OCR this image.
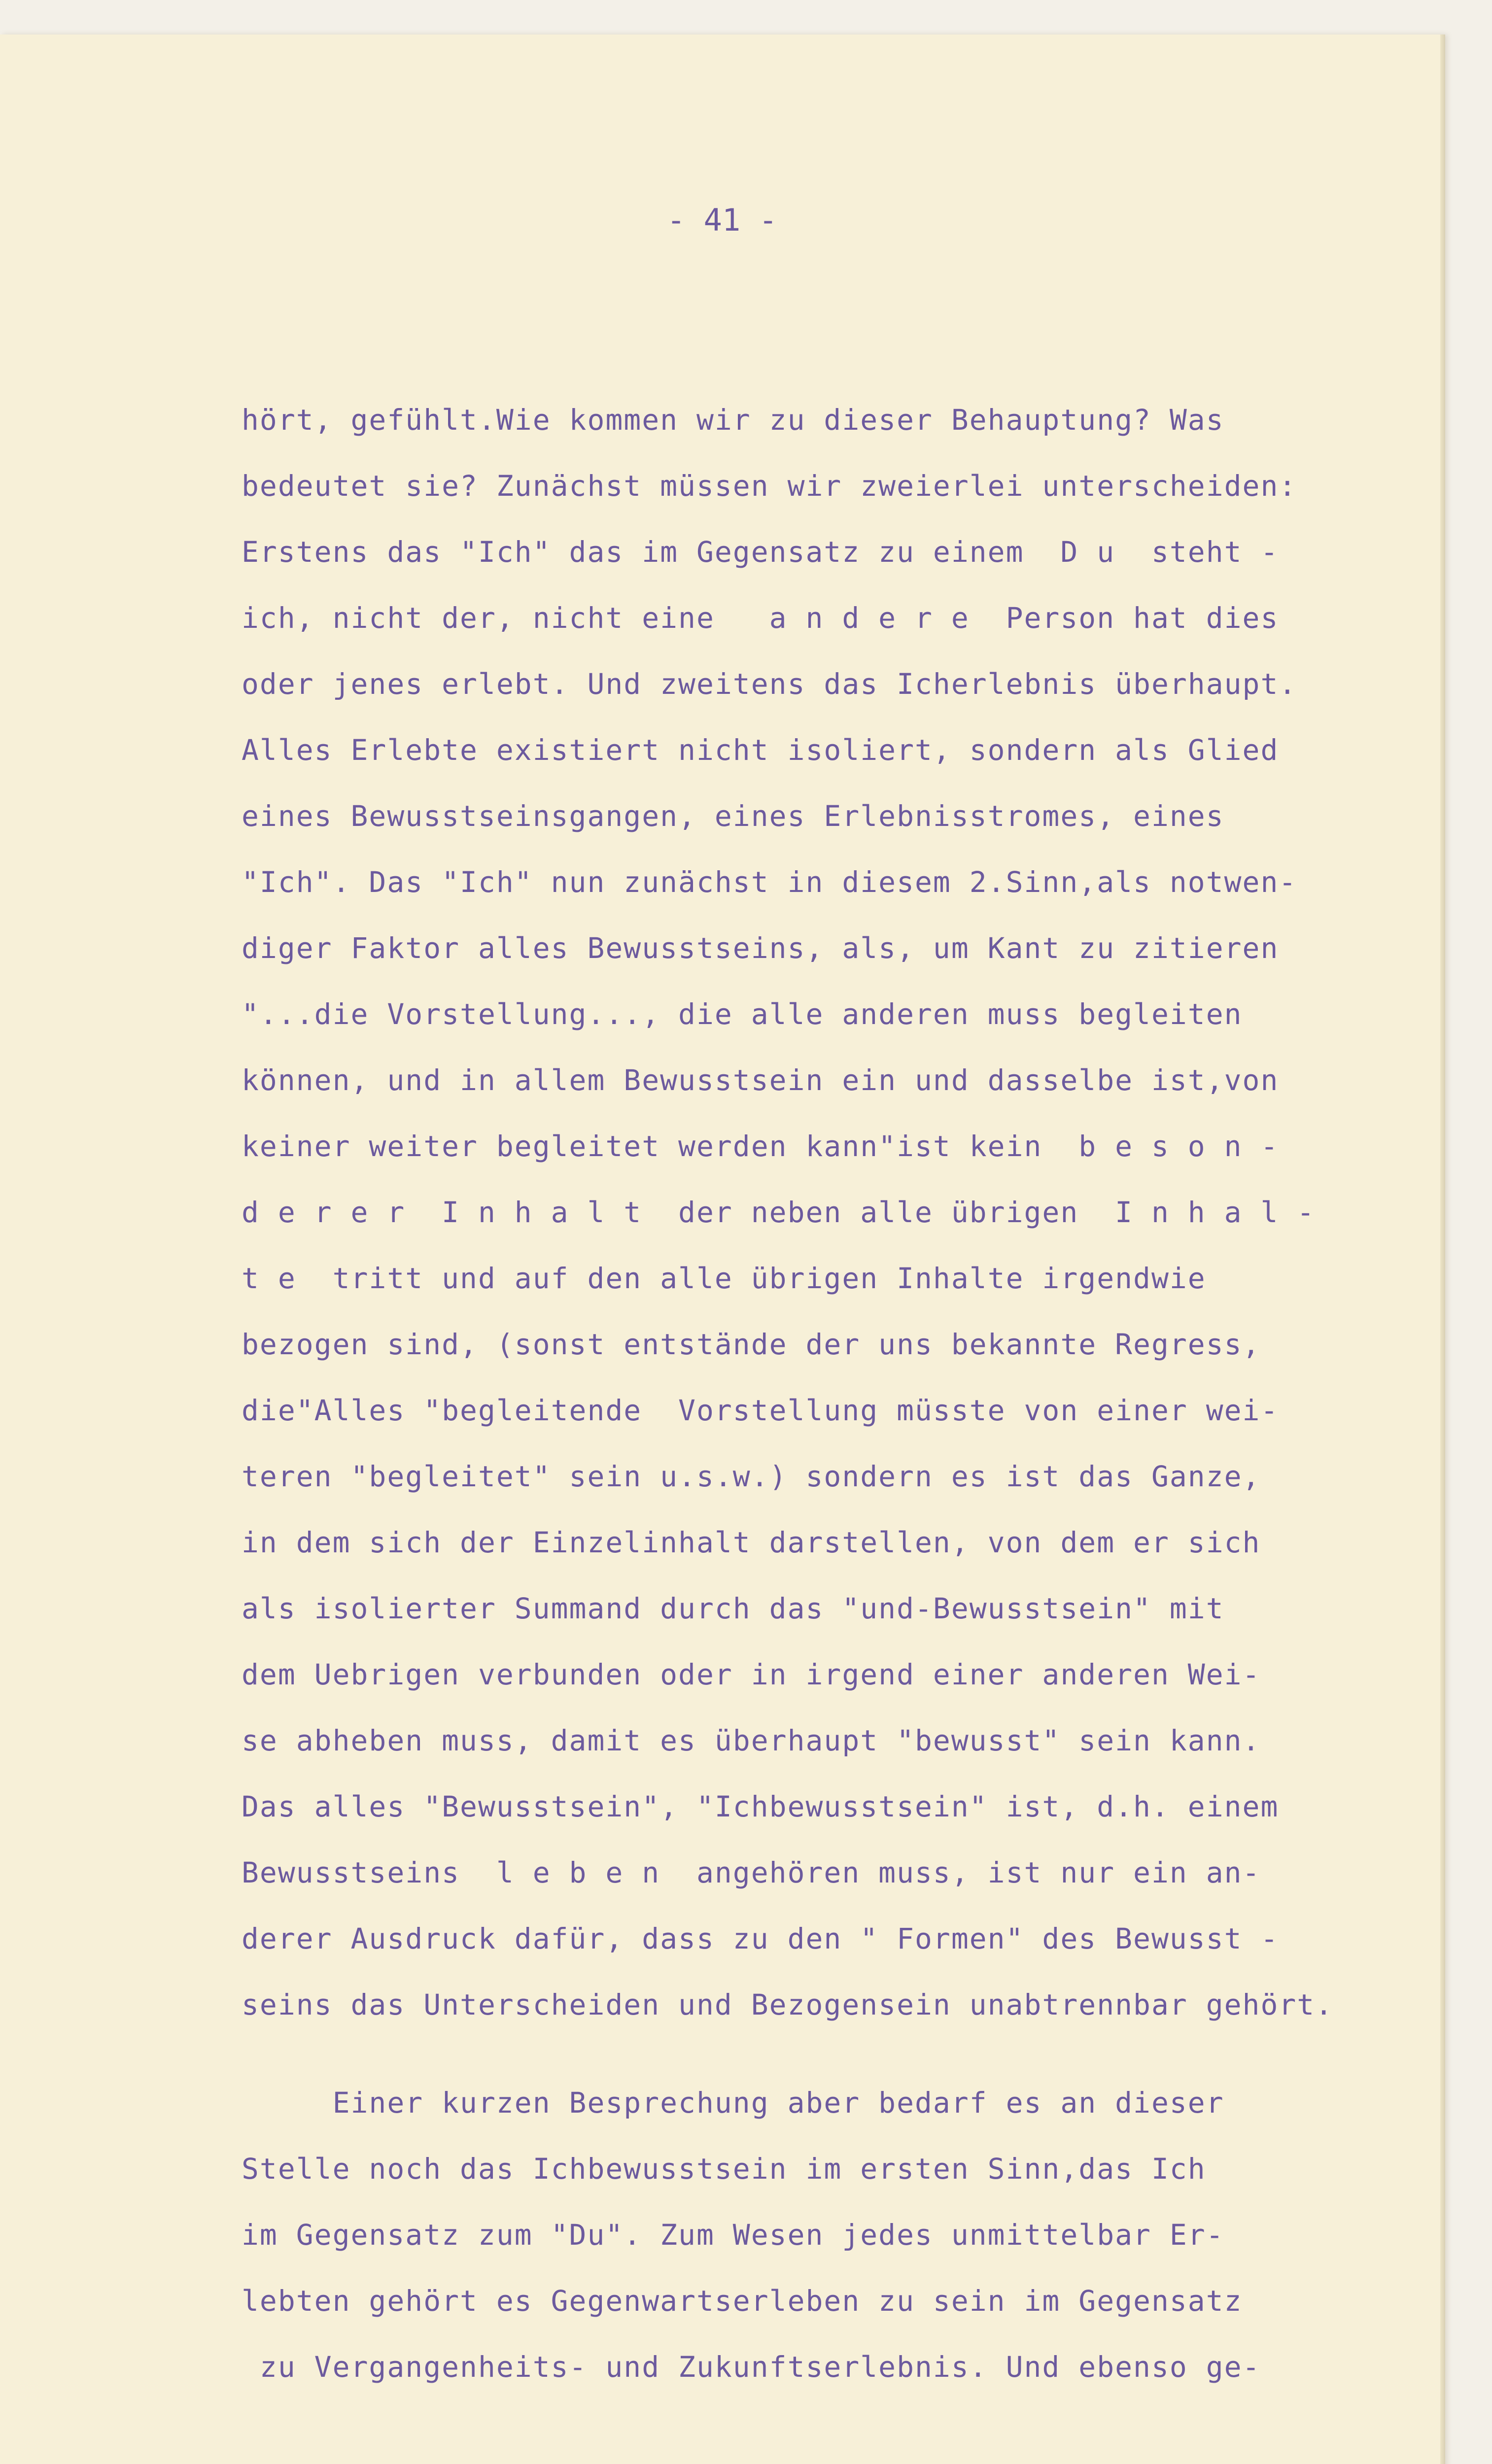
- 41 -
hört, gefühlt.Wie kommen wir zu dieser Behauptung? Was
bedeutet sie? Zunächst müssen wir zweierlei unterscheiden:
Erstens das "Ich" das im Gegensatz zu einem  D u  steht -
ich, nicht der, nicht eine   a n d e r e  Person hat dies
oder jenes erlebt. Und zweitens das Icherlebnis überhaupt.
Alles Erlebte existiert nicht isoliert, sondern als Glied
eines Bewusstseinsgangen, eines Erlebnisstromes, eines
"Ich". Das "Ich" nun zunächst in diesem 2.Sinn,als notwen-
diger Faktor alles Bewusstseins, als, um Kant zu zitieren
"...die Vorstellung..., die alle anderen muss begleiten
können, und in allem Bewusstsein ein und dasselbe ist,von
keiner weiter begleitet werden kann"ist kein  b e s o n -
d e r e r  I n h a l t  der neben alle übrigen  I n h a l -
t e  tritt und auf den alle übrigen Inhalte irgendwie
bezogen sind, (sonst entstände der uns bekannte Regress,
die"Alles "begleitende  Vorstellung müsste von einer wei-
teren "begleitet" sein u.s.w.) sondern es ist das Ganze,
in dem sich der Einzelinhalt darstellen, von dem er sich
als isolierter Summand durch das "und-Bewusstsein" mit
dem Uebrigen verbunden oder in irgend einer anderen Wei-
se abheben muss, damit es überhaupt "bewusst" sein kann.
Das alles "Bewusstsein", "Ichbewusstsein" ist, d.h. einem
Bewusstseins  l e b e n  angehören muss, ist nur ein an-
derer Ausdruck dafür, dass zu den " Formen" des Bewusst -
seins das Unterscheiden und Bezogensein unabtrennbar gehört.
Einer kurzen Besprechung aber bedarf es an dieser
Stelle noch das Ichbewusstsein im ersten Sinn,das Ich
im Gegensatz zum "Du". Zum Wesen jedes unmittelbar Er-
lebten gehört es Gegenwartserleben zu sein im Gegensatz
zu Vergangenheits- und Zukunftserlebnis. Und ebenso ge-
